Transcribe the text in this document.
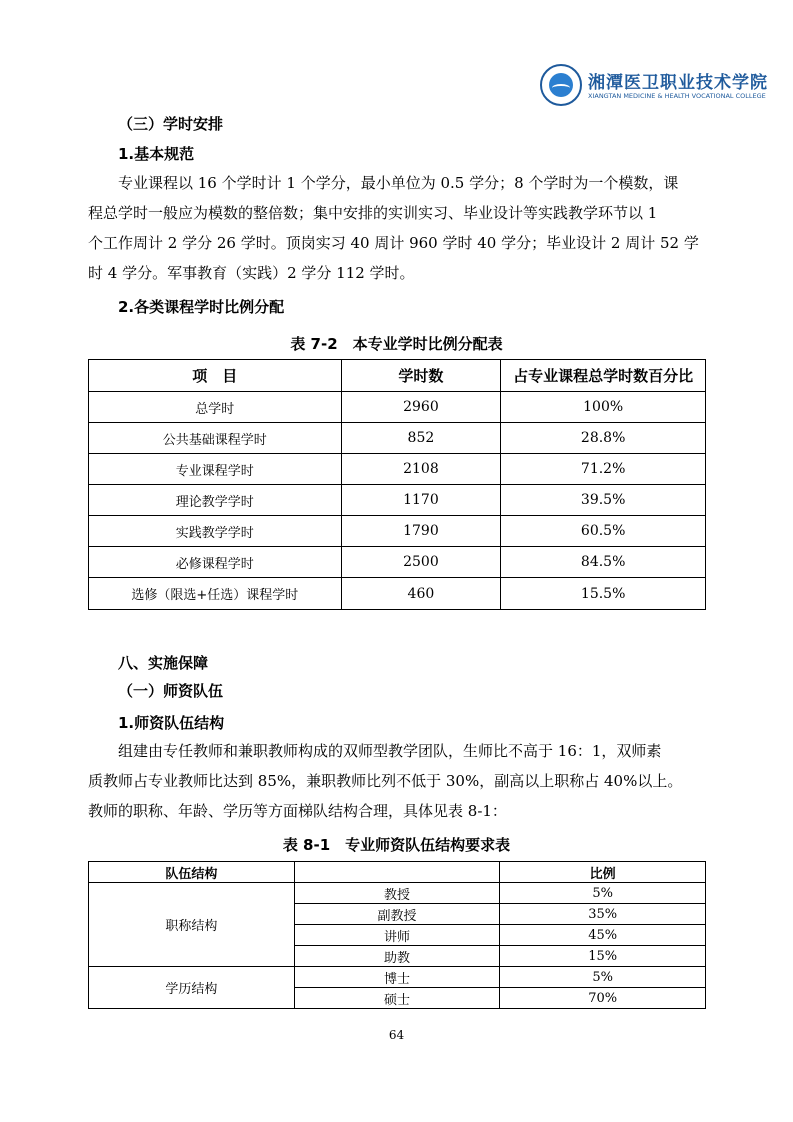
湘潭医卫职业技术学院
XIANGTAN MEDICINE & HEALTH VOCATIONAL COLLEGE
（三）学时安排
1.基本规范
专业课程以 16 个学时计 1 个学分，最小单位为 0.5 学分；8 个学时为一个模数，课
程总学时一般应为模数的整倍数；集中安排的实训实习、毕业设计等实践教学环节以 1
个工作周计 2 学分 26 学时。顶岗实习 40 周计 960 学时 40 学分；毕业设计 2 周计 52 学
时 4 学分。军事教育（实践）2 学分 112 学时。
2.各类课程学时比例分配
表 7-2　本专业学时比例分配表
项　目	学时数	占专业课程总学时数百分比
总学时	2960	100%
公共基础课程学时	852	28.8%
专业课程学时	2108	71.2%
理论教学学时	1170	39.5%
实践教学学时	1790	60.5%
必修课程学时	2500	84.5%
选修（限选+任选）课程学时	460	15.5%
八、实施保障
（一）师资队伍
1.师资队伍结构
组建由专任教师和兼职教师构成的双师型教学团队，生师比不高于 16：1，双师素
质教师占专业教师比达到 85%，兼职教师比列不低于 30%，副高以上职称占 40%以上。
教师的职称、年龄、学历等方面梯队结构合理，具体见表 8-1：
表 8-1　专业师资队伍结构要求表
队伍结构		比例
职称结构	教授	5%
	副教授	35%
	讲师	45%
	助教	15%
学历结构	博士	5%
	硕士	70%
64
